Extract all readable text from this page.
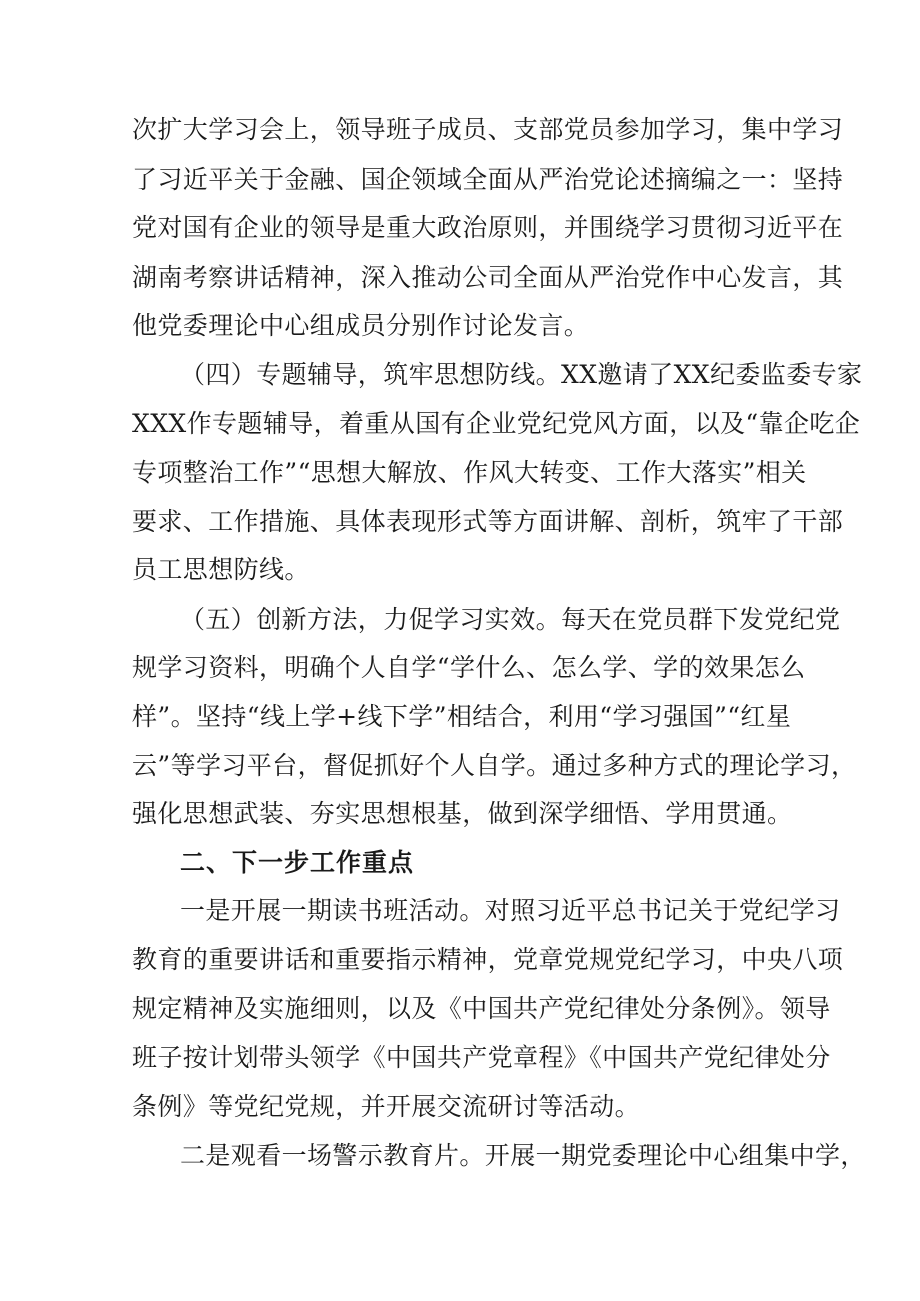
次扩大学习会上，领导班子成员、支部党员参加学习，集中学习
了习近平关于金融、国企领域全面从严治党论述摘编之一：坚持
党对国有企业的领导是重大政治原则，并围绕学习贯彻习近平在
湖南考察讲话精神，深入推动公司全面从严治党作中心发言，其
他党委理论中心组成员分别作讨论发言。
（四）专题辅导，筑牢思想防线。XX邀请了XX纪委监委专家
XXX作专题辅导，着重从国有企业党纪党风方面，以及“靠企吃企
专项整治工作”“思想大解放、作风大转变、工作大落实”相关
要求、工作措施、具体表现形式等方面讲解、剖析，筑牢了干部
员工思想防线。
（五）创新方法，力促学习实效。每天在党员群下发党纪党
规学习资料，明确个人自学“学什么、怎么学、学的效果怎么
样”。坚持“线上学+线下学”相结合，利用“学习强国”“红星
云”等学习平台，督促抓好个人自学。通过多种方式的理论学习，
强化思想武装、夯实思想根基，做到深学细悟、学用贯通。
二、下一步工作重点
一是开展一期读书班活动。对照习近平总书记关于党纪学习
教育的重要讲话和重要指示精神，党章党规党纪学习，中央八项
规定精神及实施细则，以及《中国共产党纪律处分条例》。领导
班子按计划带头领学《中国共产党章程》《中国共产党纪律处分
条例》等党纪党规，并开展交流研讨等活动。
二是观看一场警示教育片。开展一期党委理论中心组集中学，
